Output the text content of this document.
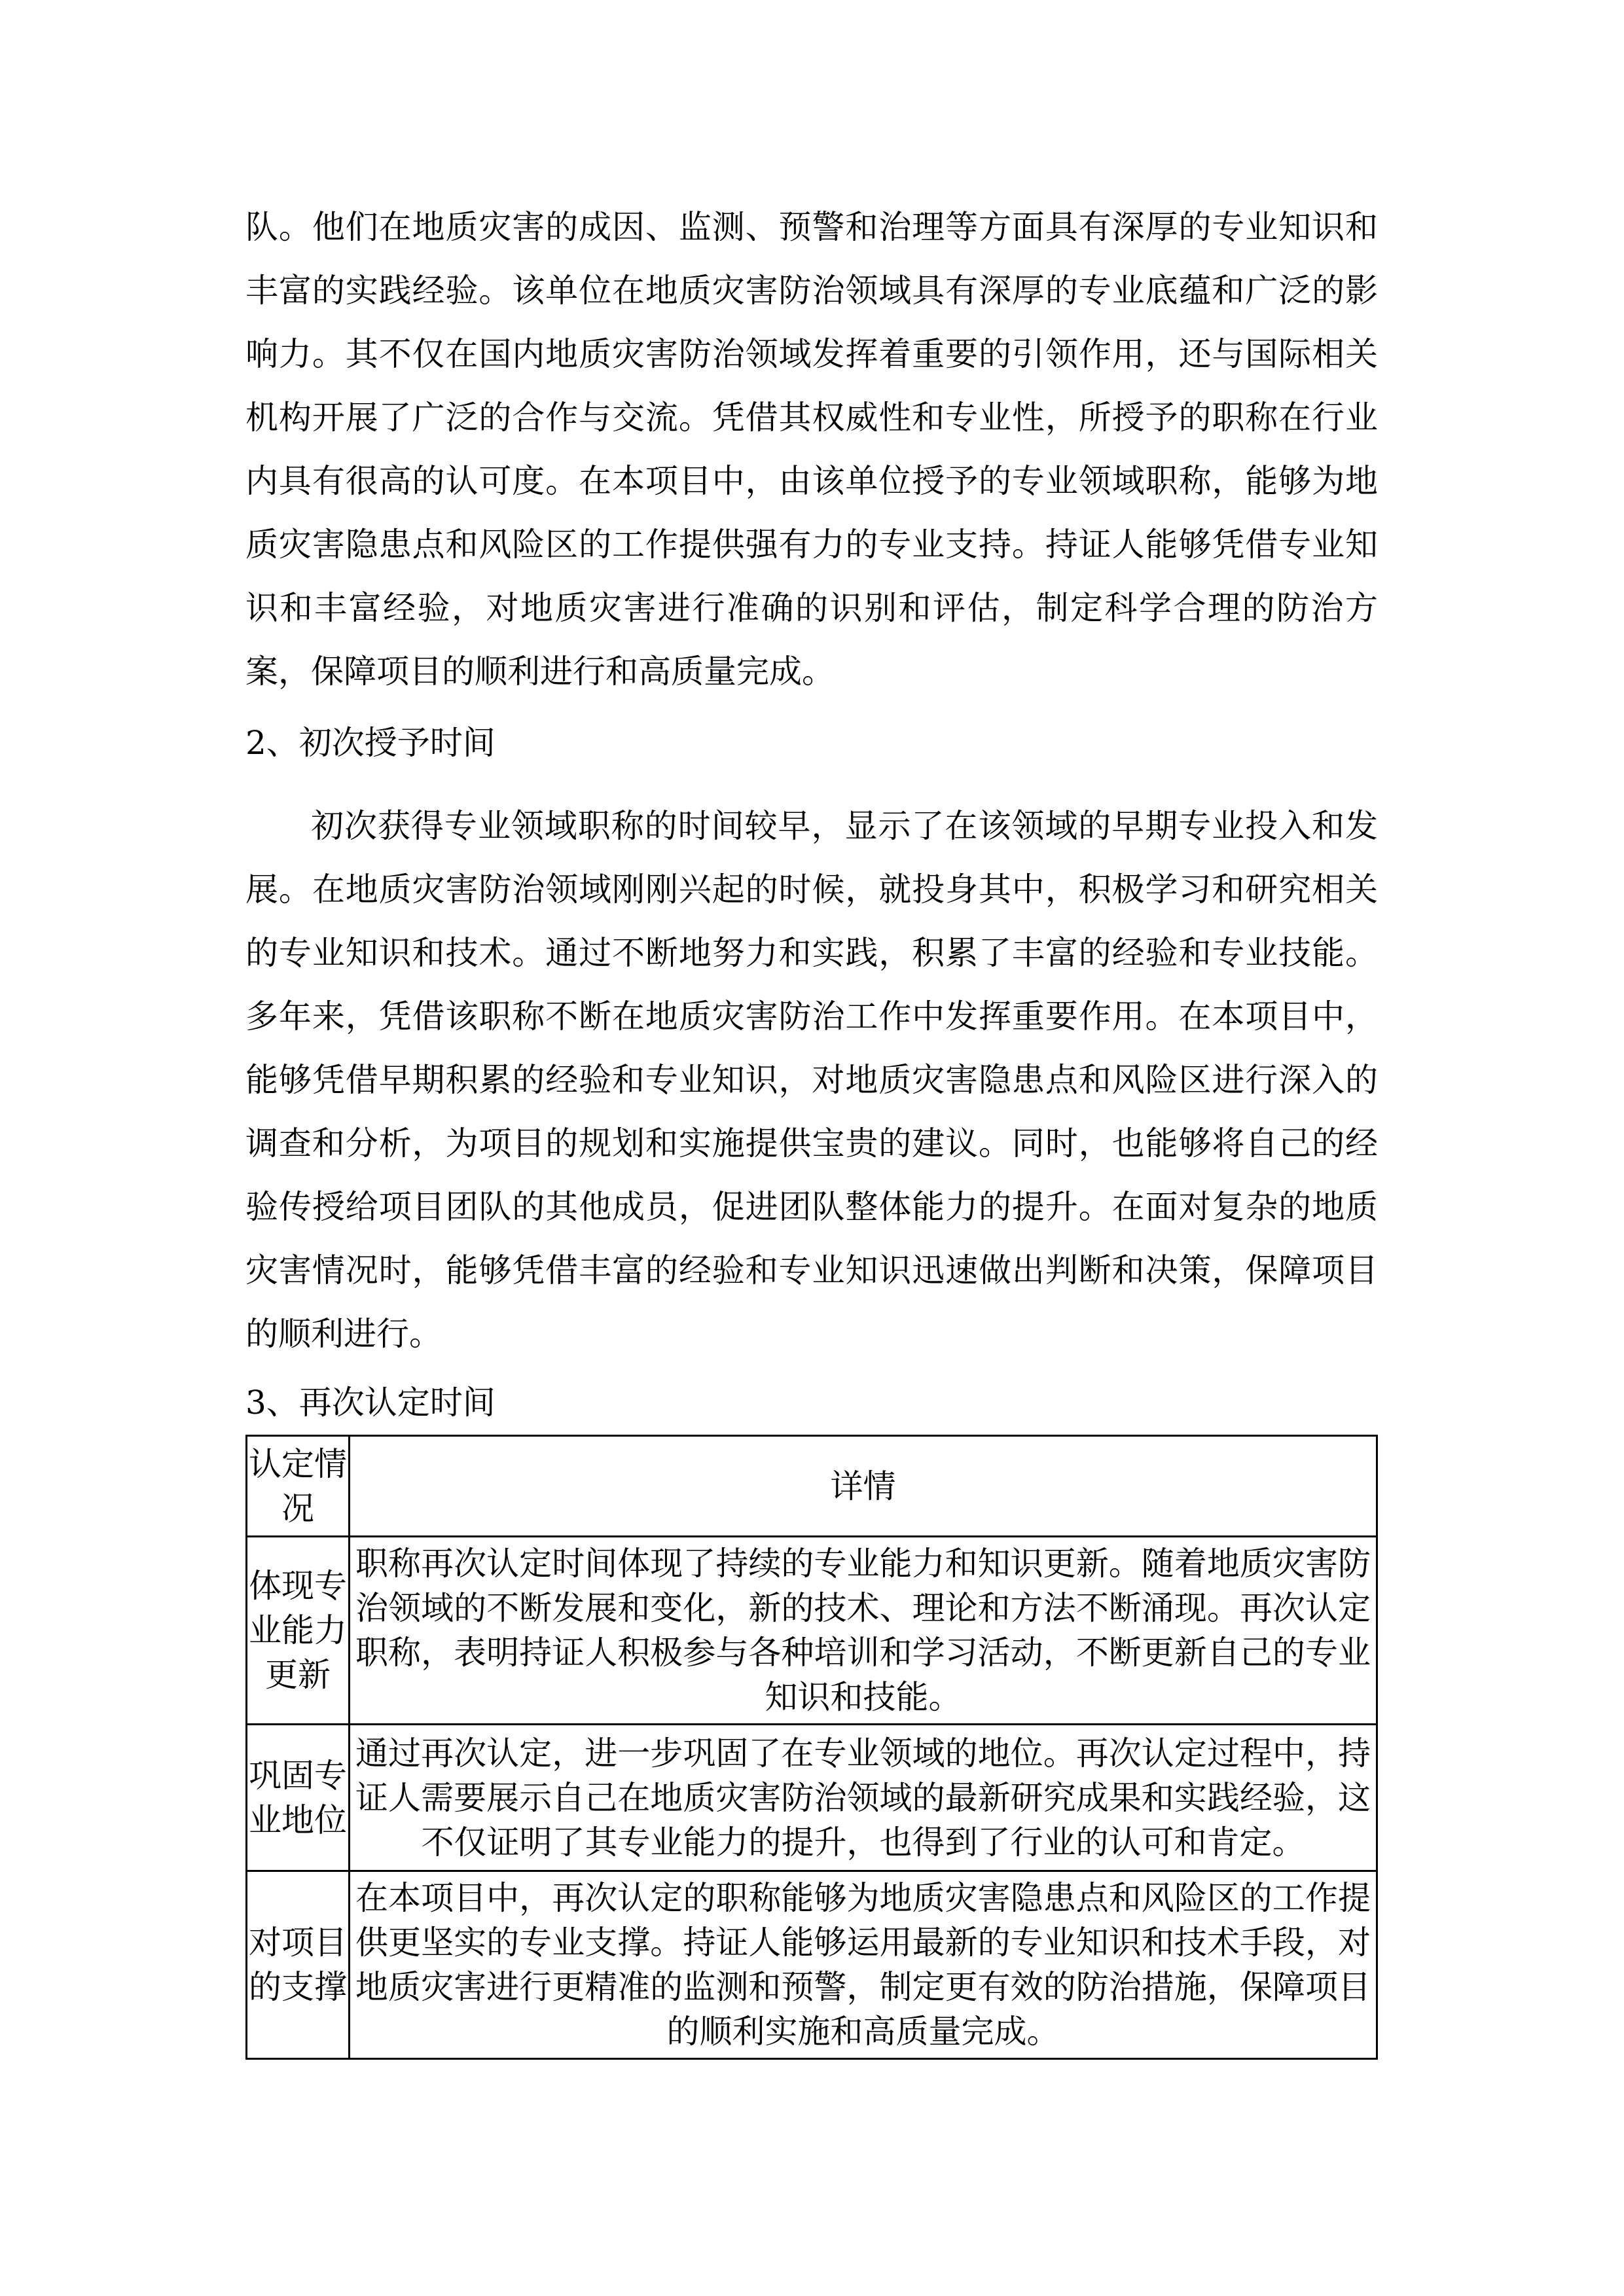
队。他们在地质灾害的成因、监测、预警和治理等方面具有深厚的专业知识和丰富的实践经验。该单位在地质灾害防治领域具有深厚的专业底蕴和广泛的影响力。其不仅在国内地质灾害防治领域发挥着重要的引领作用，还与国际相关机构开展了广泛的合作与交流。凭借其权威性和专业性，所授予的职称在行业内具有很高的认可度。在本项目中，由该单位授予的专业领域职称，能够为地质灾害隐患点和风险区的工作提供强有力的专业支持。持证人能够凭借专业知识和丰富经验，对地质灾害进行准确的识别和评估，制定科学合理的防治方案，保障项目的顺利进行和高质量完成。

2、初次授予时间

初次获得专业领域职称的时间较早，显示了在该领域的早期专业投入和发展。在地质灾害防治领域刚刚兴起的时候，就投身其中，积极学习和研究相关的专业知识和技术。通过不断地努力和实践，积累了丰富的经验和专业技能。多年来，凭借该职称不断在地质灾害防治工作中发挥重要作用。在本项目中，能够凭借早期积累的经验和专业知识，对地质灾害隐患点和风险区进行深入的调查和分析，为项目的规划和实施提供宝贵的建议。同时，也能够将自己的经验传授给项目团队的其他成员，促进团队整体能力的提升。在面对复杂的地质灾害情况时，能够凭借丰富的经验和专业知识迅速做出判断和决策，保障项目的顺利进行。

3、再次认定时间
认定情况	详情
体现专业能力更新	职称再次认定时间体现了持续的专业能力和知识更新。随着地质灾害防治领域的不断发展和变化，新的技术、理论和方法不断涌现。再次认定职称，表明持证人积极参与各种培训和学习活动，不断更新自己的专业知识和技能。
巩固专业地位	通过再次认定，进一步巩固了在专业领域的地位。再次认定过程中，持证人需要展示自己在地质灾害防治领域的最新研究成果和实践经验，这不仅证明了其专业能力的提升，也得到了行业的认可和肯定。
对项目的支撑	在本项目中，再次认定的职称能够为地质灾害隐患点和风险区的工作提供更坚实的专业支撑。持证人能够运用最新的专业知识和技术手段，对地质灾害进行更精准的监测和预警，制定更有效的防治措施，保障项目的顺利实施和高质量完成。
